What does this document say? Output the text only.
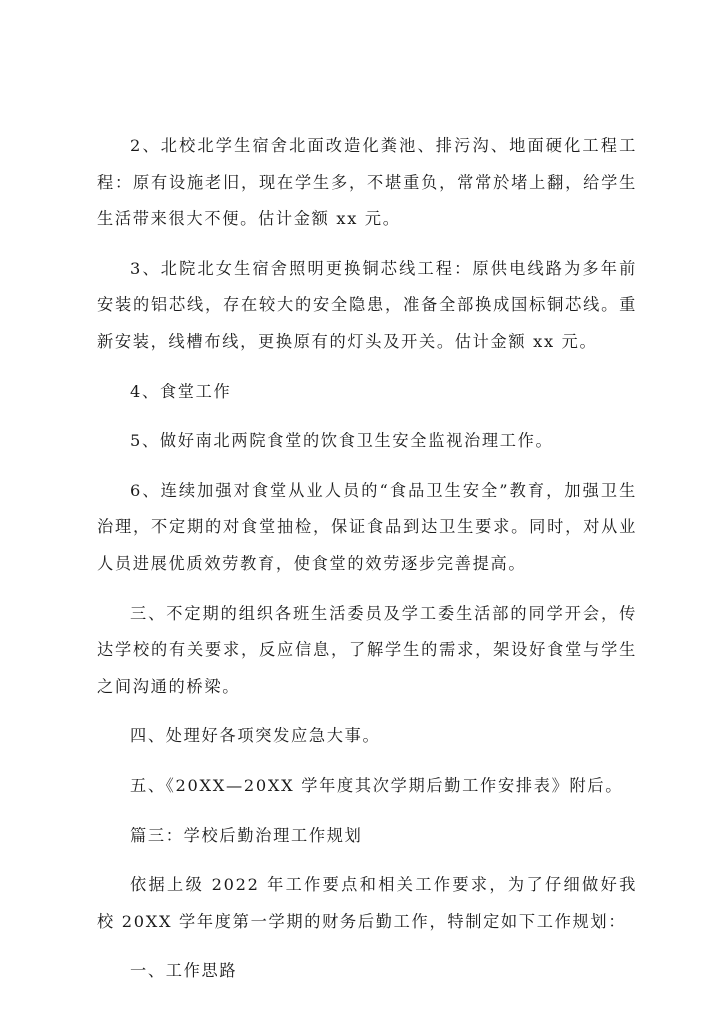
2、北校北学生宿舍北面改造化粪池、排污沟、地面硬化工程工程：原有设施老旧，现在学生多，不堪重负，常常於堵上翻，给学生生活带来很大不便。估计金额 xx 元。

3、北院北女生宿舍照明更换铜芯线工程：原供电线路为多年前安装的铝芯线，存在较大的安全隐患，准备全部换成国标铜芯线。重新安装，线槽布线，更换原有的灯头及开关。估计金额 xx 元。

4、食堂工作

5、做好南北两院食堂的饮食卫生安全监视治理工作。

6、连续加强对食堂从业人员的“食品卫生安全”教育，加强卫生治理，不定期的对食堂抽检，保证食品到达卫生要求。同时，对从业人员进展优质效劳教育，使食堂的效劳逐步完善提高。

三、不定期的组织各班生活委员及学工委生活部的同学开会，传达学校的有关要求，反应信息，了解学生的需求，架设好食堂与学生之间沟通的桥梁。

四、处理好各项突发应急大事。

五、《20XX—20XX 学年度其次学期后勤工作安排表》附后。

篇三：学校后勤治理工作规划

依据上级 2022 年工作要点和相关工作要求，为了仔细做好我校 20XX 学年度第一学期的财务后勤工作，特制定如下工作规划：

一、工作思路
